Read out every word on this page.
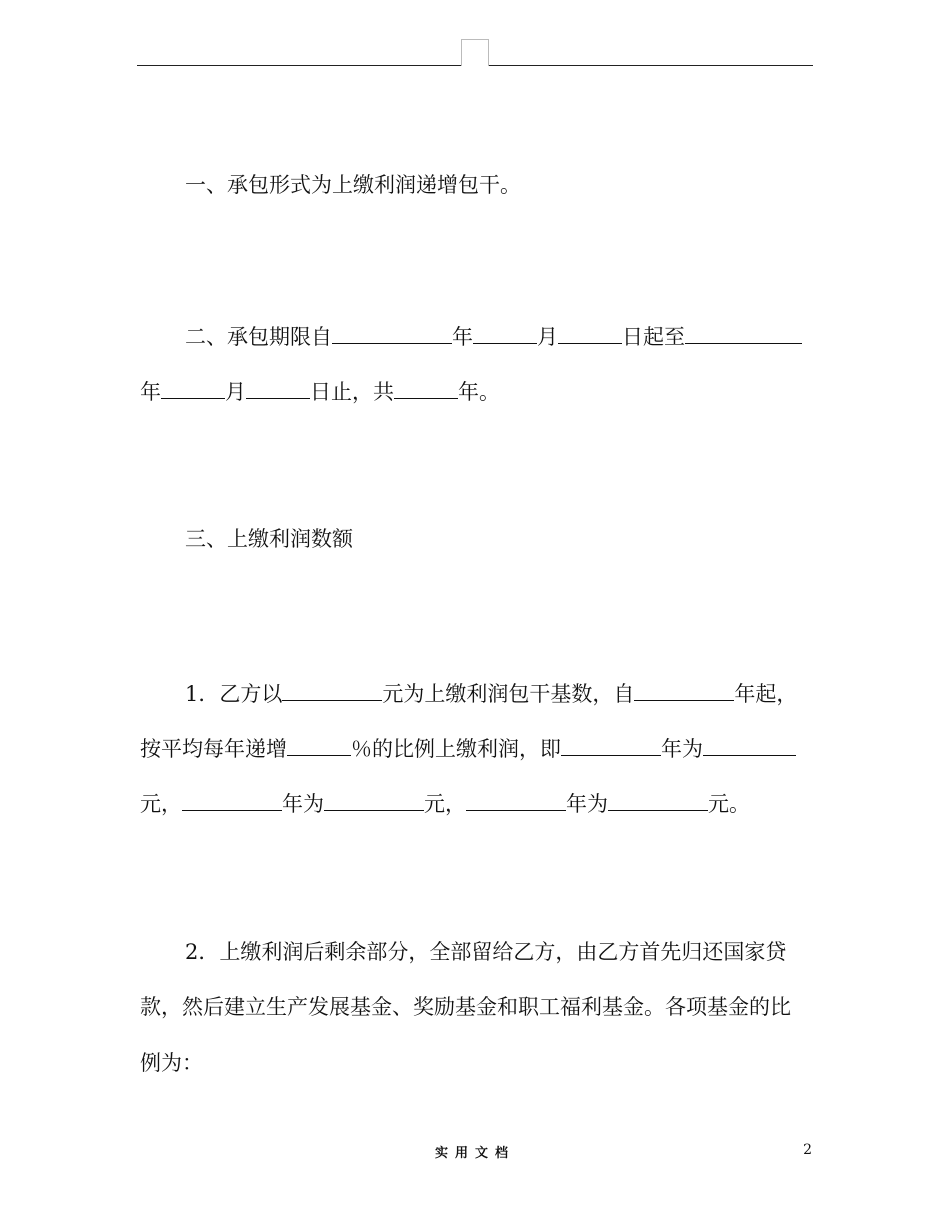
一、承包形式为上缴利润递增包干。
二、承包期限自	年	月	日起至
年	月	日止，共	年。
三、上缴利润数额
1．乙方以	元为上缴利润包干基数，自	年起，
按平均每年递增	％的比例上缴利润，即	年为
元，	年为	元，	年为	元。
2．上缴利润后剩余部分，全部留给乙方，由乙方首先归还国家贷
款，然后建立生产发展基金、奖励基金和职工福利基金。各项基金的比
例为：
实用文档	2
